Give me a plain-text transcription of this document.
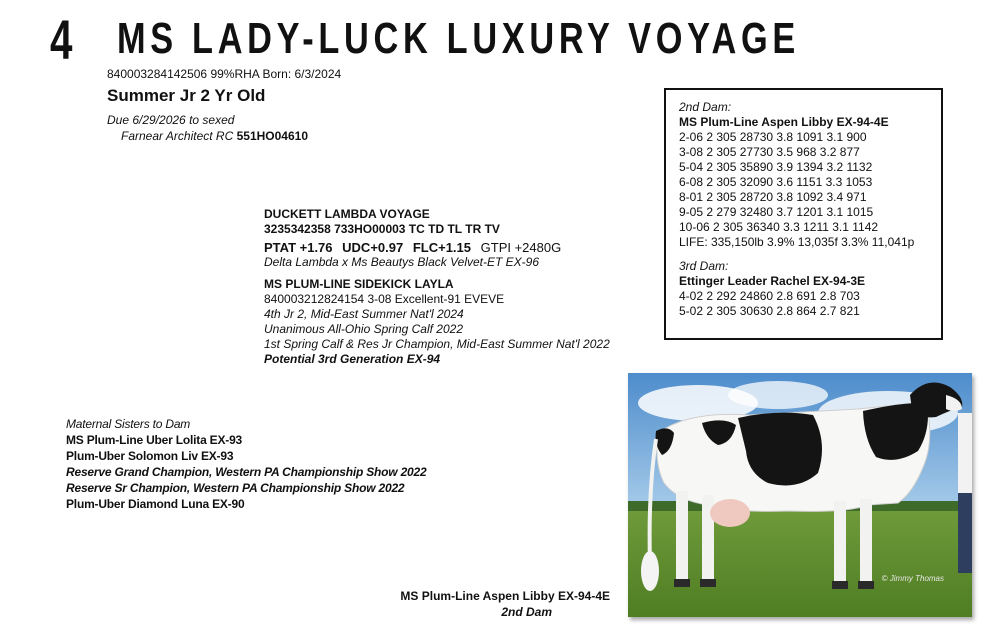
4 MS LADY-LUCK LUXURY VOYAGE
840003284142506 99%RHA Born: 6/3/2024
Summer Jr 2 Yr Old
Due 6/29/2026 to sexed
Farnear Architect RC 551HO04610
DUCKETT LAMBDA VOYAGE
3235342358 733HO00003 TC TD TL TR TV
PTAT +1.76 UDC+0.97 FLC+1.15 GTPI +2480G
Delta Lambda x Ms Beautys Black Velvet-ET EX-96
MS PLUM-LINE SIDEKICK LAYLA
840003212824154 3-08 Excellent-91 EVEVE
4th Jr 2, Mid-East Summer Nat'l 2024
Unanimous All-Ohio Spring Calf 2022
1st Spring Calf & Res Jr Champion, Mid-East Summer Nat'l 2022
Potential 3rd Generation EX-94
2nd Dam:
MS Plum-Line Aspen Libby EX-94-4E
2-06 2 305 28730 3.8 1091 3.1 900
3-08 2 305 27730 3.5 968 3.2 877
5-04 2 305 35890 3.9 1394 3.2 1132
6-08 2 305 32090 3.6 1151 3.3 1053
8-01 2 305 28720 3.8 1092 3.4 971
9-05 2 279 32480 3.7 1201 3.1 1015
10-06 2 305 36340 3.3 1211 3.1 1142
LIFE: 335,150lb 3.9% 13,035f 3.3% 11,041p
3rd Dam:
Ettinger Leader Rachel EX-94-3E
4-02 2 292 24860 2.8 691 2.8 703
5-02 2 305 30630 2.8 864 2.7 821
Maternal Sisters to Dam
MS Plum-Line Uber Lolita EX-93
Plum-Uber Solomon Liv EX-93
Reserve Grand Champion, Western PA Championship Show 2022
Reserve Sr Champion, Western PA Championship Show 2022
Plum-Uber Diamond Luna EX-90
© Jimmy Thomas
MS Plum-Line Aspen Libby EX-94-4E
2nd Dam
